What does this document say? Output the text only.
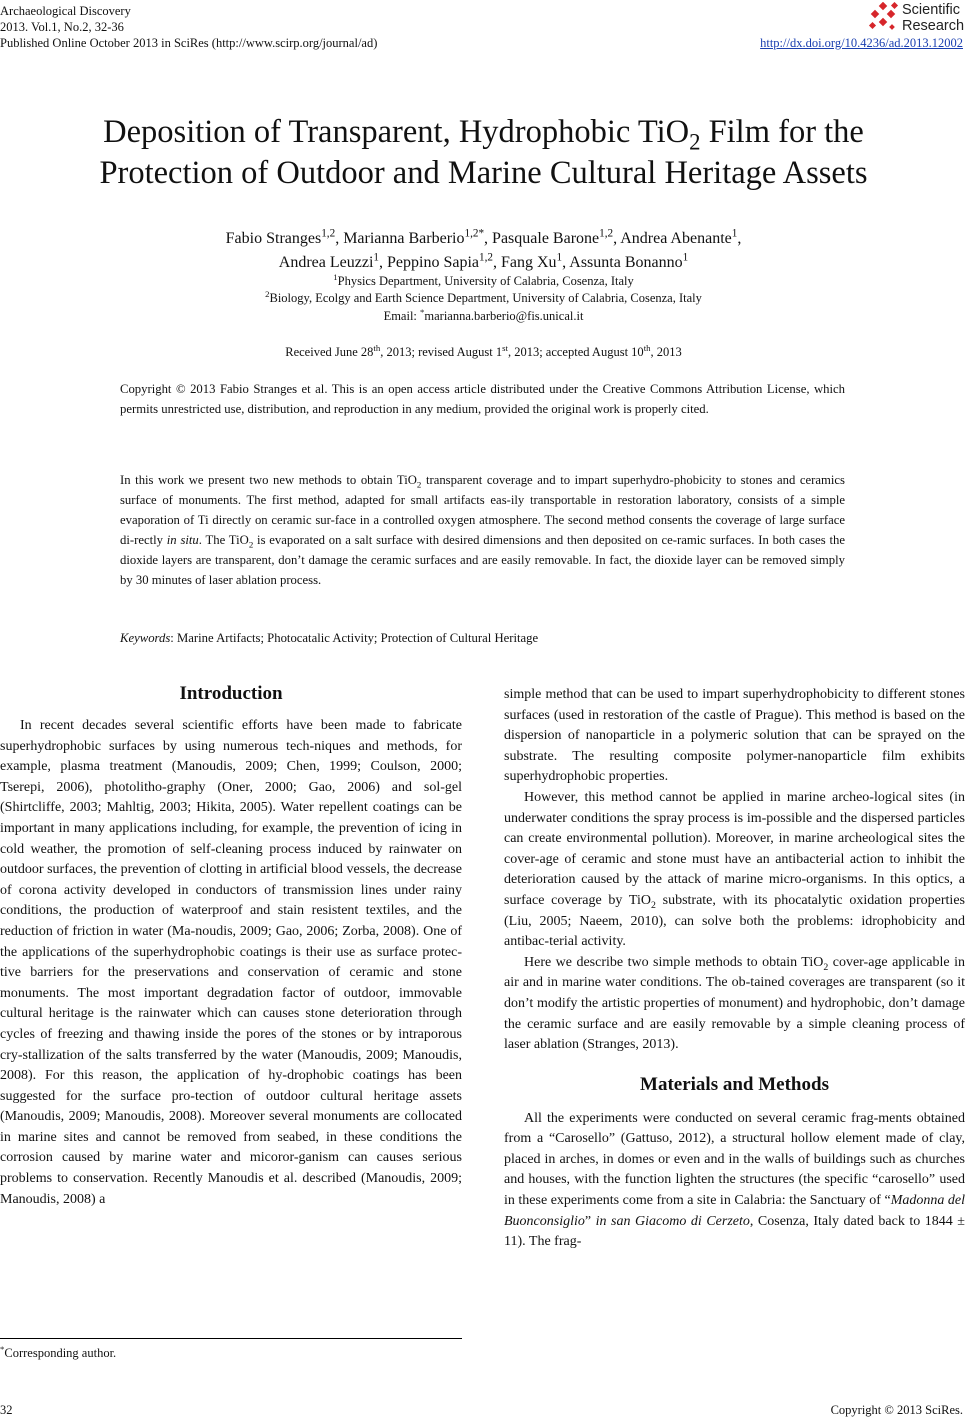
Archaeological Discovery
2013. Vol.1, No.2, 32-36
Published Online October 2013 in SciRes (http://www.scirp.org/journal/ad)	http://dx.doi.org/10.4236/ad.2013.12002
Scientific
Research
Deposition of Transparent, Hydrophobic TiO$_2$ Film for the
Protection of Outdoor and Marine Cultural Heritage Assets
Fabio Stranges$^{1,2}$, Marianna Barberio$^{1,2*}$, Pasquale Barone$^{1,2}$, Andrea Abenante$^1$,
Andrea Leuzzi$^1$, Peppino Sapia$^{1,2}$, Fang Xu$^1$, Assunta Bonanno$^1$
$^1$Physics Department, University of Calabria, Cosenza, Italy
$^2$Biology, Ecolgy and Earth Science Department, University of Calabria, Cosenza, Italy
Email: *marianna.barberio@fis.unical.it
Received June 28th, 2013; revised August 1st, 2013; accepted August 10th, 2013
Copyright © 2013 Fabio Stranges et al. This is an open access article distributed under the Creative Commons Attribution License, which permits unrestricted use, distribution, and reproduction in any medium, provided the original work is properly cited.
In this work we present two new methods to obtain TiO$_2$ transparent coverage and to impart superhydro-phobicity to stones and ceramics surface of monuments. The first method, adapted for small artifacts eas-ily transportable in restoration laboratory, consists of a simple evaporation of Ti directly on ceramic sur-face in a controlled oxygen atmosphere. The second method consents the coverage of large surface di-rectly in situ. The TiO$_2$ is evaporated on a salt surface with desired dimensions and then deposited on ce-ramic surfaces. In both cases the dioxide layers are transparent, don’t damage the ceramic surfaces and are easily removable. In fact, the dioxide layer can be removed simply by 30 minutes of laser ablation process.
Keywords: Marine Artifacts; Photocatalic Activity; Protection of Cultural Heritage
Introduction

In recent decades several scientific efforts have been made to fabricate superhydrophobic surfaces by using numerous tech-niques and methods, for example, plasma treatment (Manoudis, 2009; Chen, 1999; Coulson, 2000; Tserepi, 2006), photolitho-graphy (Oner, 2000; Gao, 2006) and sol-gel (Shirtcliffe, 2003; Mahltig, 2003; Hikita, 2005). Water repellent coatings can be important in many applications including, for example, the prevention of icing in cold weather, the promotion of self-cleaning process induced by rainwater on outdoor surfaces, the prevention of clotting in artificial blood vessels, the decrease of corona activity developed in conductors of transmission lines under rainy conditions, the production of waterproof and stain resistent textiles, and the reduction of friction in water (Ma-noudis, 2009; Gao, 2006; Zorba, 2008). One of the applications of the superhydrophobic coatings is their use as surface protec-tive barriers for the preservations and conservation of ceramic and stone monuments. The most important degradation factor of outdoor, immovable cultural heritage is the rainwater which can causes stone deterioration through cycles of freezing and thawing inside the pores of the stones or by intraporous cry-stallization of the salts transferred by the water (Manoudis, 2009; Manoudis, 2008). For this reason, the application of hy-drophobic coatings has been suggested for the surface pro-tection of outdoor cultural heritage assets (Manoudis, 2009; Manoudis, 2008). Moreover several monuments are collocated in marine sites and cannot be removed from seabed, in these conditions the corrosion caused by marine water and micoror-ganism can causes serious problems to conservation. Recently Manoudis et al. described (Manoudis, 2009; Manoudis, 2008) a

*Corresponding author.

simple method that can be used to impart superhydrophobicity to different stones surfaces (used in restoration of the castle of Prague). This method is based on the dispersion of nanoparticle in a polymeric solution that can be sprayed on the substrate. The resulting composite polymer-nanoparticle film exhibits superhydrophobic properties.

However, this method cannot be applied in marine archeo-logical sites (in underwater conditions the spray process is im-possible and the dispersed particles can create environmental pollution). Moreover, in marine archeological sites the cover-age of ceramic and stone must have an antibacterial action to inhibit the deterioration caused by the attack of marine micro-organisms. In this optics, a surface coverage by TiO$_2$ substrate, with its phocatalytic oxidation properties (Liu, 2005; Naeem, 2010), can solve both the problems: idrophobicity and antibac-terial activity.

Here we describe two simple methods to obtain TiO$_2$ cover-age applicable in air and in marine water conditions. The ob-tained coverages are transparent (so it don’t modify the artistic properties of monument) and hydrophobic, don’t damage the ceramic surface and are easily removable by a simple cleaning process of laser ablation (Stranges, 2013).

Materials and Methods

All the experiments were conducted on several ceramic frag-ments obtained from a “Carosello” (Gattuso, 2012), a structural hollow element made of clay, placed in arches, in domes or even and in the walls of buildings such as churches and houses, with the function lighten the structures (the specific “carosello” used in these experiments come from a site in Calabria: the Sanctuary of “Madonna del Buonconsiglio” in san Giacomo di Cerzeto, Cosenza, Italy dated back to 1844 ± 11). The frag-

32	Copyright © 2013 SciRes.
